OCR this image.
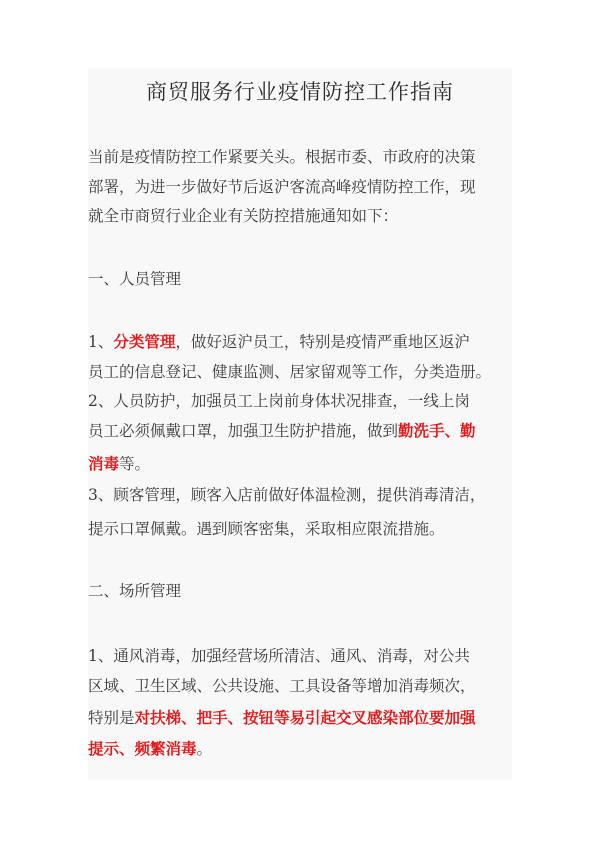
商贸服务行业疫情防控工作指南
当前是疫情防控工作紧要关头。根据市委、市政府的决策
部署，为进一步做好节后返沪客流高峰疫情防控工作，现
就全市商贸行业企业有关防控措施通知如下：
一、人员管理
1、分类管理，做好返沪员工，特别是疫情严重地区返沪
员工的信息登记、健康监测、居家留观等工作，分类造册。
2、人员防护，加强员工上岗前身体状况排查，一线上岗
员工必须佩戴口罩，加强卫生防护措施，做到勤洗手、勤
消毒等。
3、顾客管理，顾客入店前做好体温检测，提供消毒清洁，
提示口罩佩戴。遇到顾客密集，采取相应限流措施。
二、场所管理
1、通风消毒，加强经营场所清洁、通风、消毒，对公共
区域、卫生区域、公共设施、工具设备等增加消毒频次，
特别是对扶梯、把手、按钮等易引起交叉感染部位要加强
提示、频繁消毒。
